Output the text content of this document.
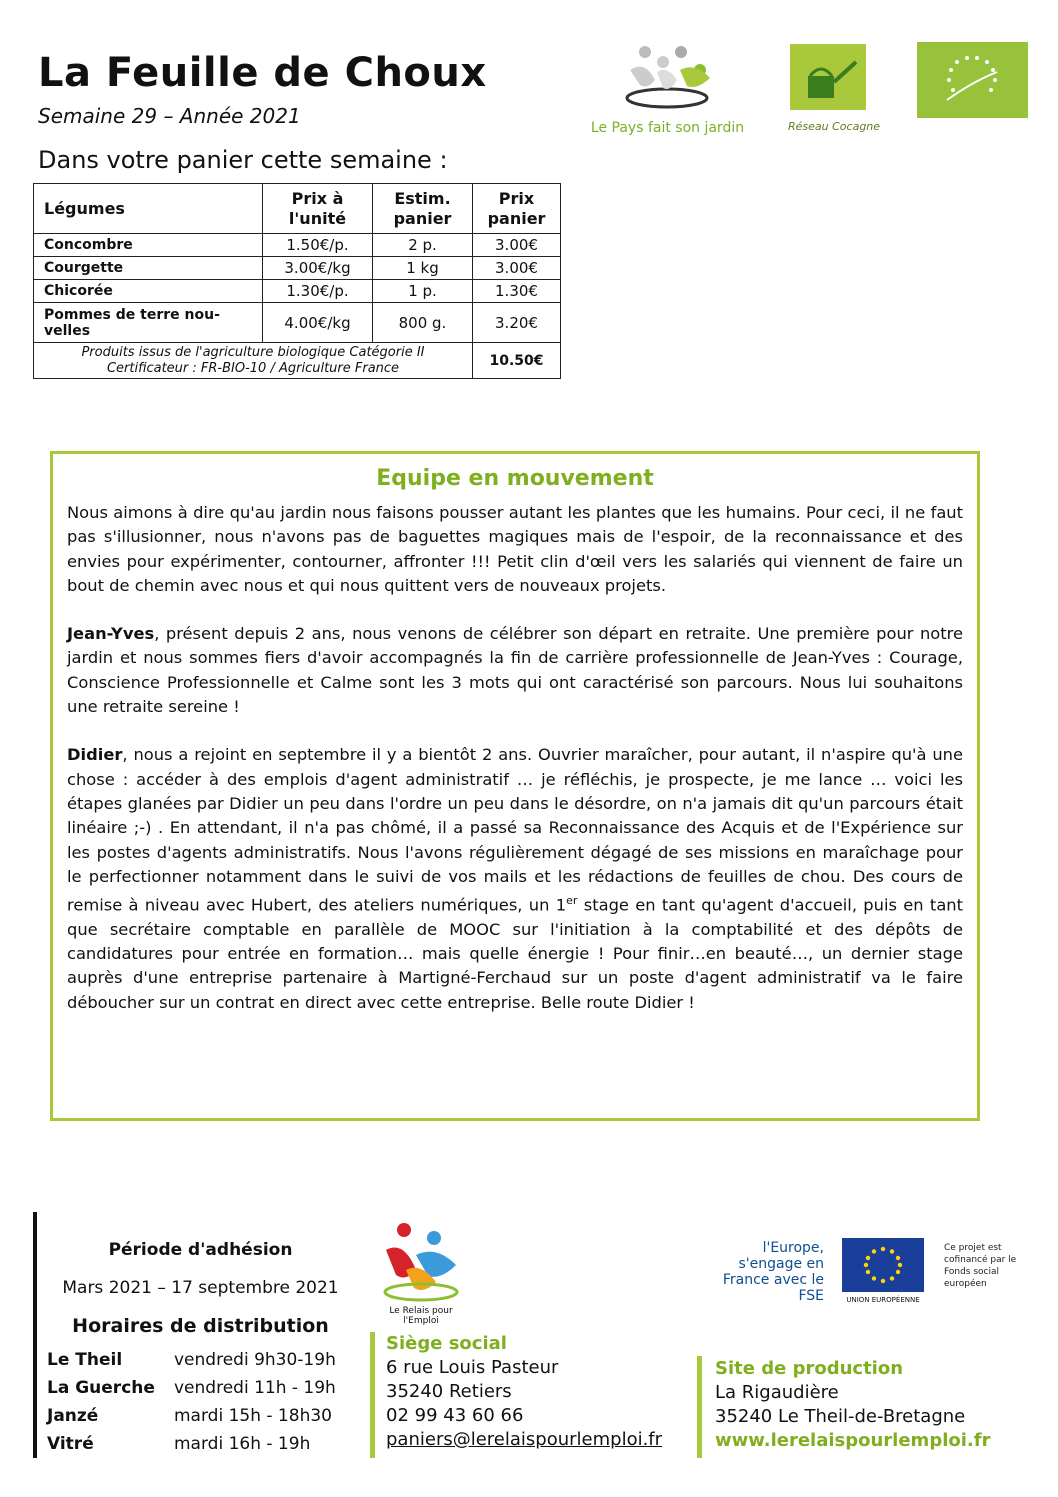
La Feuille de Choux
Semaine 29 – Année 2021
Dans votre panier cette semaine :
Le Pays fait son jardin	Réseau Cocagne
Légumes	Prix à l'unité	Estim. panier	Prix panier
Concombre	1.50€/p.	2 p.	3.00€
Courgette	3.00€/kg	1 kg	3.00€
Chicorée	1.30€/p.	1 p.	1.30€
Pommes de terre nou-velles	4.00€/kg	800 g.	3.20€

Produits issus de l'agriculture biologique Catégorie II
Certificateur : FR-BIO-10 / Agriculture France			10.50€
Equipe en mouvement

Nous aimons à dire qu'au jardin nous faisons pousser autant les plantes que les humains. Pour ceci, il ne faut pas s'illusionner, nous n'avons pas de baguettes magiques mais de l'espoir, de la reconnaissance et des envies pour expérimenter, contourner, affronter !!! Petit clin d'œil vers les salariés qui viennent de faire un bout de chemin avec nous et qui nous quittent vers de nouveaux projets.

Jean-Yves, présent depuis 2 ans, nous venons de célébrer son départ en retraite. Une première pour notre jardin et nous sommes fiers d'avoir accompagnés la fin de carrière professionnelle de Jean-Yves : Courage, Conscience Professionnelle et Calme sont les 3 mots qui ont caractérisé son parcours. Nous lui souhaitons une retraite sereine !

Didier, nous a rejoint en septembre il y a bientôt 2 ans. Ouvrier maraîcher, pour autant, il n'aspire qu'à une chose : accéder à des emplois d'agent administratif … je réfléchis, je prospecte, je me lance … voici les étapes glanées par Didier un peu dans l'ordre un peu dans le désordre, on n'a jamais dit qu'un parcours était linéaire ;-) . En attendant, il n'a pas chômé, il a passé sa Reconnaissance des Acquis et de l'Expérience sur les postes d'agents administratifs. Nous l'avons régulièrement dégagé de ses missions en maraîchage pour le perfectionner notamment dans le suivi de vos mails et les rédactions de feuilles de chou. Des cours de remise à niveau avec Hubert, des ateliers numériques, un 1er stage en tant qu'agent d'accueil, puis en tant que secrétaire comptable en parallèle de MOOC sur l'initiation à la comptabilité et des dépôts de candidatures pour entrée en formation… mais quelle énergie ! Pour finir…en beauté…, un dernier stage auprès d'une entreprise partenaire à Martigné-Ferchaud sur un poste d'agent administratif va le faire déboucher sur un contrat en direct avec cette entreprise. Belle route Didier !

Période d'adhésion
Mars 2021 – 17 septembre 2021
Horaires de distribution
Le Theil	vendredi 9h30-19h
La Guerche vendredi 11h - 19h
Janzé	mardi 15h - 18h30
Vitré	mardi 16h - 19h
Le Relais pour l'Emploi
Siège social
6 rue Louis Pasteur
35240 Retiers
02 99 43 60 66
paniers@lerelaispourlemploi.fr
l'Europe, s'engage en France avec le FSE	UNION EUROPÉENNE
Ce projet est cofinancé par le Fonds social européen
Site de production
La Rigaudière
35240 Le Theil-de-Bretagne
www.lerelaispourlemploi.fr
